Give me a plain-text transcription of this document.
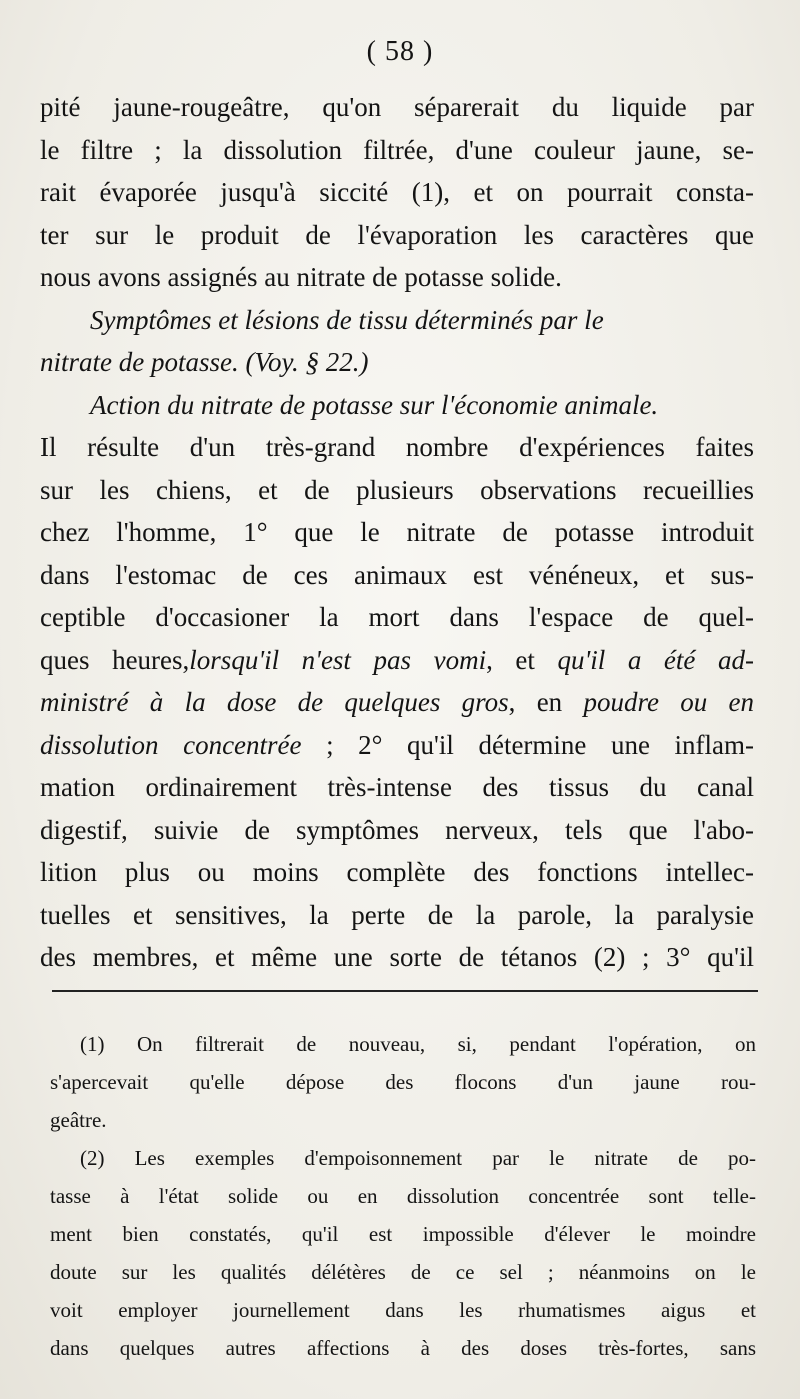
( 58 )
pité jaune-rougeâtre, qu'on séparerait du liquide par
le filtre ; la dissolution filtrée, d'une couleur jaune, se-
rait évaporée jusqu'à siccité (1), et on pourrait consta-
ter sur le produit de l'évaporation les caractères que
nous avons assignés au nitrate de potasse solide.
Symptômes et lésions de tissu déterminés par le
nitrate de potasse. (Voy. § 22.)
Action du nitrate de potasse sur l'économie animale.
Il résulte d'un très-grand nombre d'expériences faites
sur les chiens, et de plusieurs observations recueillies
chez l'homme, 1° que le nitrate de potasse introduit
dans l'estomac de ces animaux est vénéneux, et sus-
ceptible d'occasioner la mort dans l'espace de quel-
ques heures,lorsqu'il n'est pas vomi, et qu'il a été ad-
ministré à la dose de quelques gros, en poudre ou en
dissolution concentrée ; 2° qu'il détermine une inflam-
mation ordinairement très-intense des tissus du canal
digestif, suivie de symptômes nerveux, tels que l'abo-
lition plus ou moins complète des fonctions intellec-
tuelles et sensitives, la perte de la parole, la paralysie
des membres, et même une sorte de tétanos (2) ; 3° qu'il
(1) On filtrerait de nouveau, si, pendant l'opération, on
s'apercevait qu'elle dépose des flocons d'un jaune rou-
geâtre.
(2) Les exemples d'empoisonnement par le nitrate de po-
tasse à l'état solide ou en dissolution concentrée sont telle-
ment bien constatés, qu'il est impossible d'élever le moindre
doute sur les qualités délétères de ce sel ; néanmoins on le
voit employer journellement dans les rhumatismes aigus et
dans quelques autres affections à des doses très-fortes, sans
